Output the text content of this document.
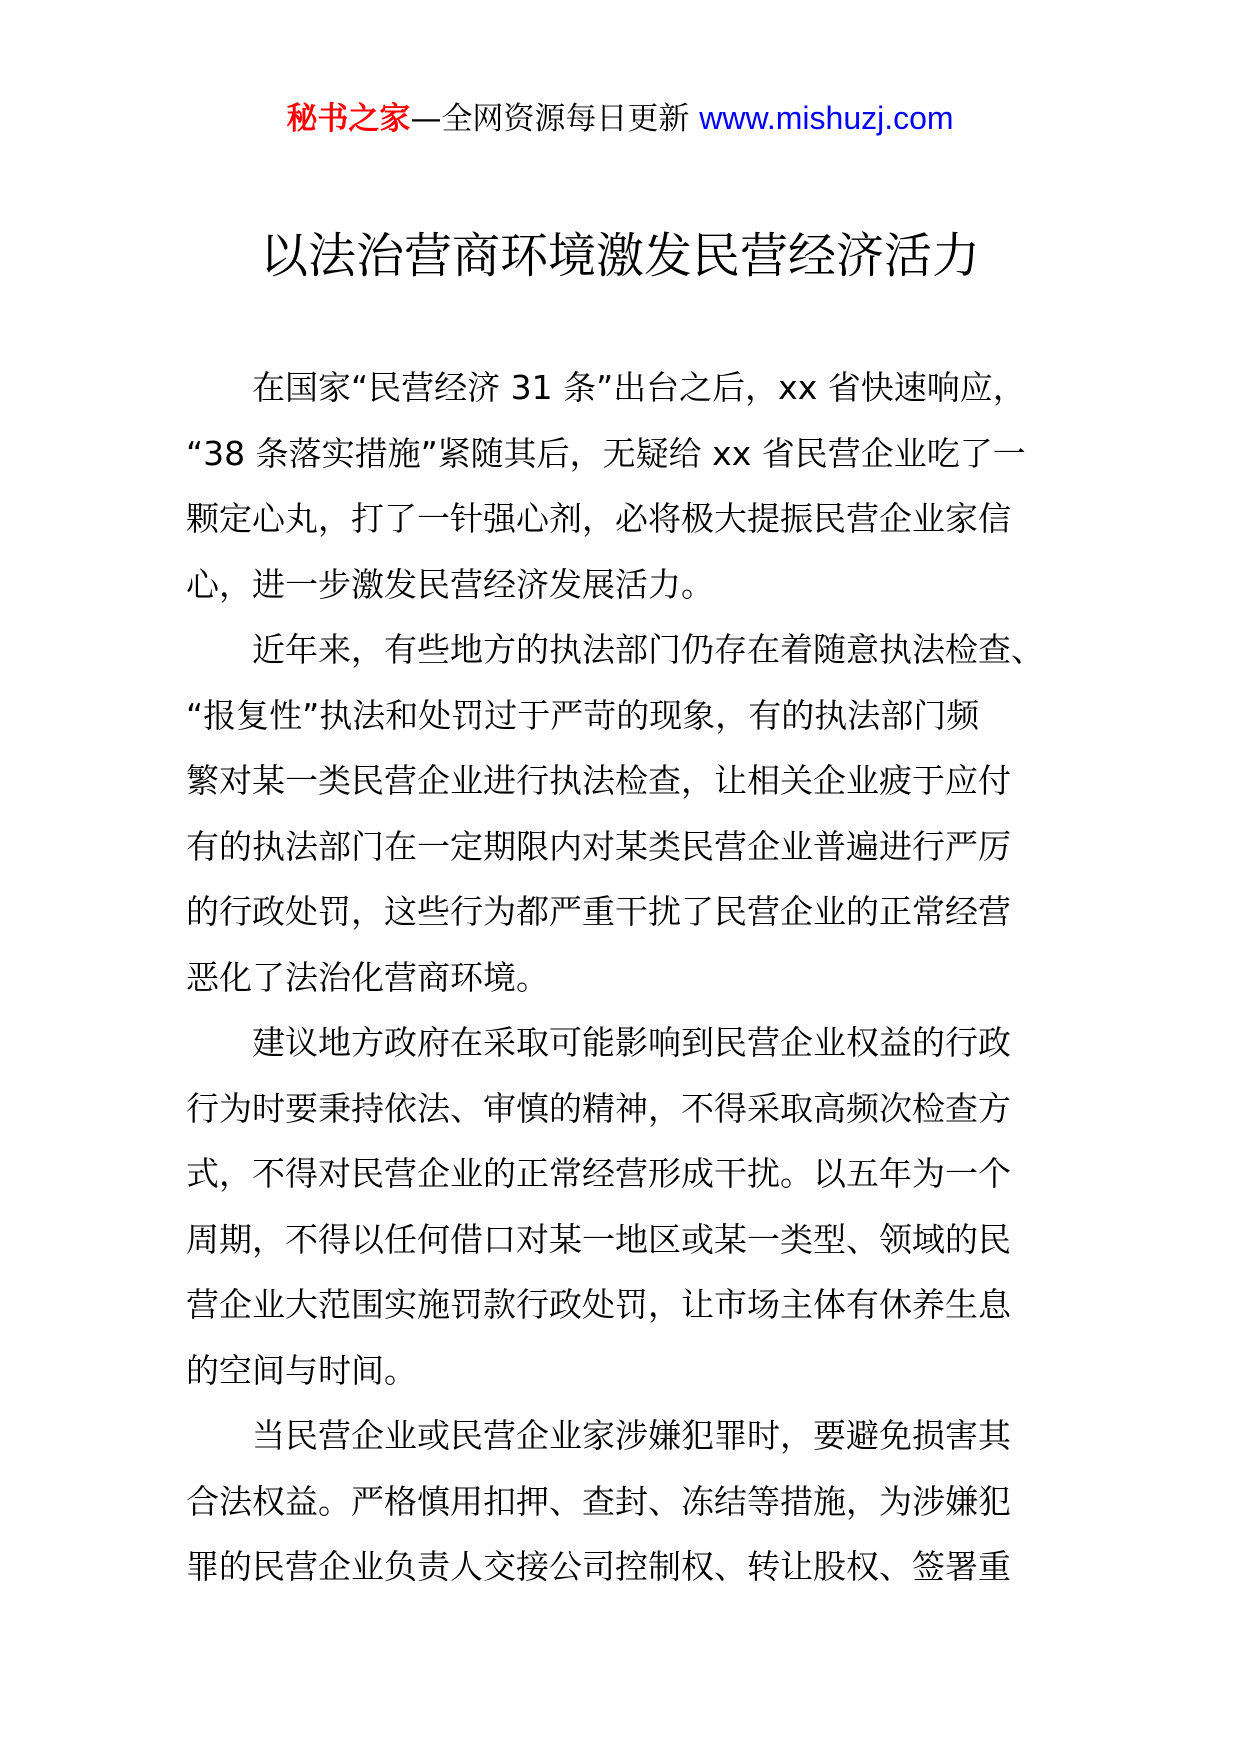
秘书之家—全网资源每日更新 www.mishuzj.com
以法治营商环境激发民营经济活力
　　在国家“民营经济 31 条”出台之后，xx 省快速响应，
“38 条落实措施”紧随其后，无疑给 xx 省民营企业吃了一
颗定心丸，打了一针强心剂，必将极大提振民营企业家信
心，进一步激发民营经济发展活力。
　　近年来，有些地方的执法部门仍存在着随意执法检查、
“报复性”执法和处罚过于严苛的现象，有的执法部门频
繁对某一类民营企业进行执法检查，让相关企业疲于应付
有的执法部门在一定期限内对某类民营企业普遍进行严厉
的行政处罚，这些行为都严重干扰了民营企业的正常经营
恶化了法治化营商环境。
　　建议地方政府在采取可能影响到民营企业权益的行政
行为时要秉持依法、审慎的精神，不得采取高频次检查方
式，不得对民营企业的正常经营形成干扰。以五年为一个
周期，不得以任何借口对某一地区或某一类型、领域的民
营企业大范围实施罚款行政处罚，让市场主体有休养生息
的空间与时间。
　　当民营企业或民营企业家涉嫌犯罪时，要避免损害其
合法权益。严格慎用扣押、查封、冻结等措施，为涉嫌犯
罪的民营企业负责人交接公司控制权、转让股权、签署重
